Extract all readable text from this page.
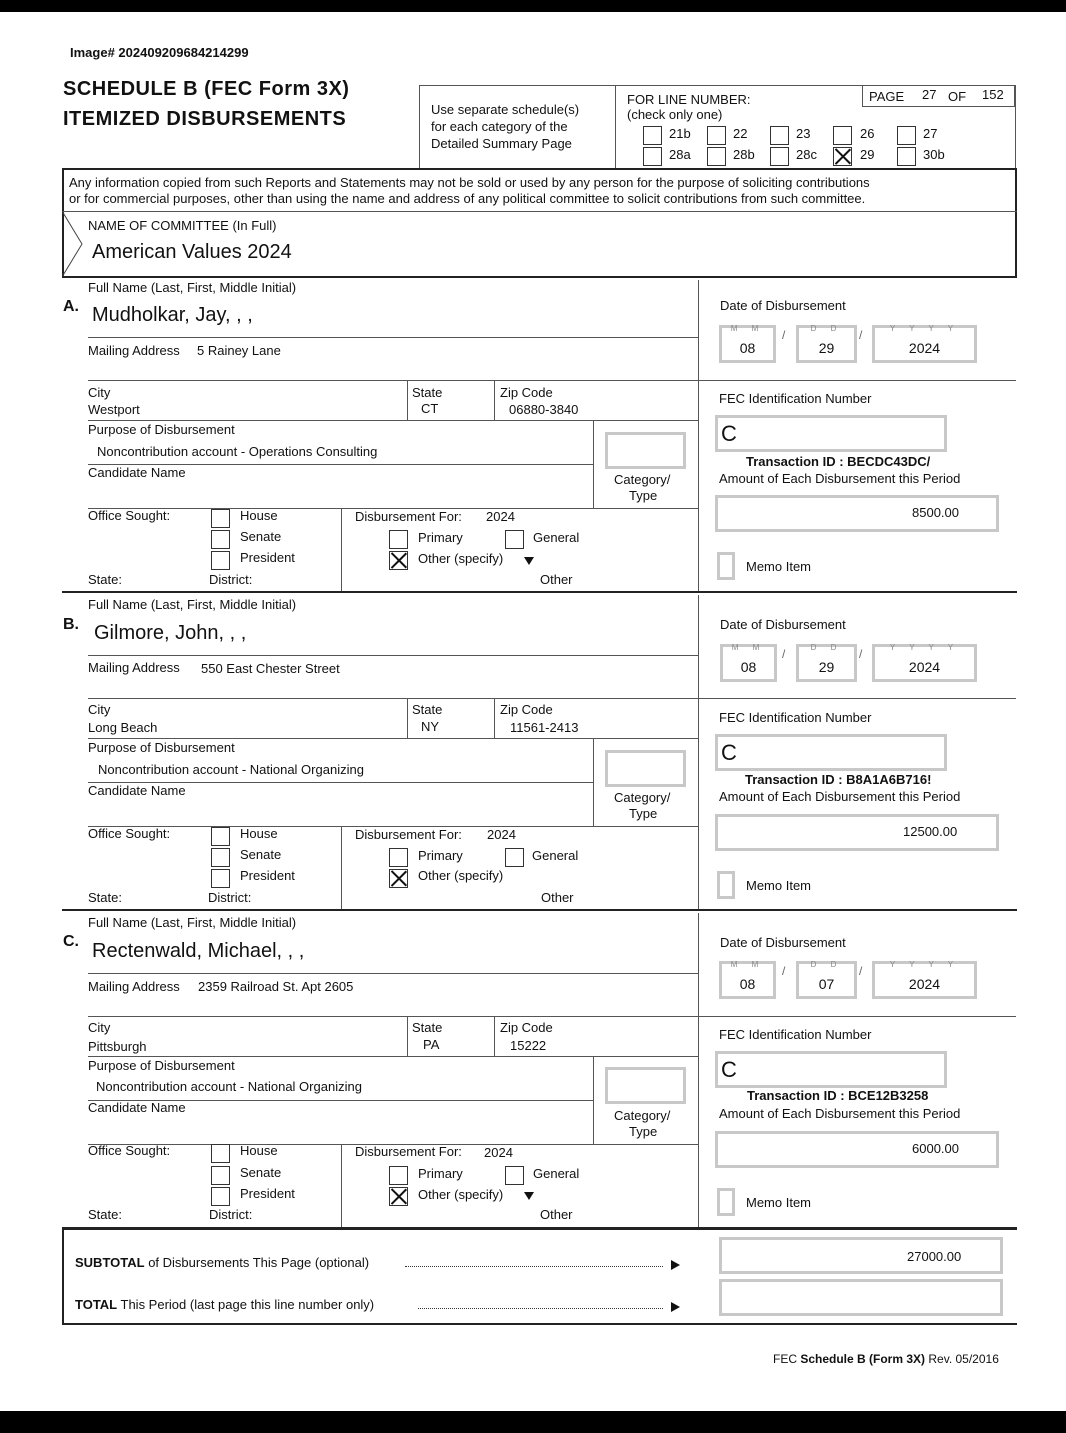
Image# 202409209684214299
SCHEDULE B (FEC Form 3X)
ITEMIZED DISBURSEMENTS	Use separate schedule(s)
for each category of the
Detailed Summary Page
FOR LINE NUMBER:
(check only one)
PAGE 27 OF 152
21b	22	23	26	27
28a	28b	28c	29	30b
Any information copied from such Reports and Statements may not be sold or used by any person for the purpose of soliciting contributions
or for commercial purposes, other than using the name and address of any political committee to solicit contributions from such committee.
NAME OF COMMITTEE (In Full)
American Values 2024
Full Name (Last, First, Middle Initial)
A. Mudholkar, Jay, , ,
Mailing Address 5 Rainey Lane
City
Westport
State
CT
Zip Code
06880-3840
Purpose of Disbursement
Noncontribution account - Operations Consulting
Candidate Name	Category/
Type
Office Sought:	House
Senate
President
Disbursement For: 2024
Primary	General
Other (specify)
State:	District:	Other
Date of Disbursement
M M
08
/	D D
29
/	Y Y Y Y
2024
FEC Identification Number
C
Transaction ID : BECDC43DC/
Amount of Each Disbursement this Period
8500.00
Memo Item
Full Name (Last, First, Middle Initial)
B. Gilmore, John, , ,
Mailing Address 550 East Chester Street
City
Long Beach
State
NY
Zip Code
11561-2413
Purpose of Disbursement
Noncontribution account - National Organizing
Candidate Name	Category/
Type
Office Sought:	House
Senate
President
Disbursement For: 2024
Primary	General
Other (specify)
State:	District:	Other
Date of Disbursement
M M
08
/	D D
29
/	Y Y Y Y
2024
FEC Identification Number
C
Transaction ID : B8A1A6B716!
Amount of Each Disbursement this Period
12500.00
Memo Item
Full Name (Last, First, Middle Initial)
C. Rectenwald, Michael, , ,
Mailing Address 2359 Railroad St. Apt 2605
City
Pittsburgh
State
PA
Zip Code
15222
Purpose of Disbursement
Noncontribution account - National Organizing
Candidate Name
Category/
Type
Office Sought:	House
Senate
President
Disbursement For: 2024
Primary	General
Other (specify)
State:	District:	Other
Date of Disbursement
M M
08
/	D D
07
/	Y Y Y Y
2024
FEC Identification Number
C
Transaction ID : BCE12B3258
Amount of Each Disbursement this Period
6000.00
Memo Item
SUBTOTAL of Disbursements This Page (optional)	27000.00
TOTAL This Period (last page this line number only)
FEC Schedule B (Form 3X) Rev. 05/2016
